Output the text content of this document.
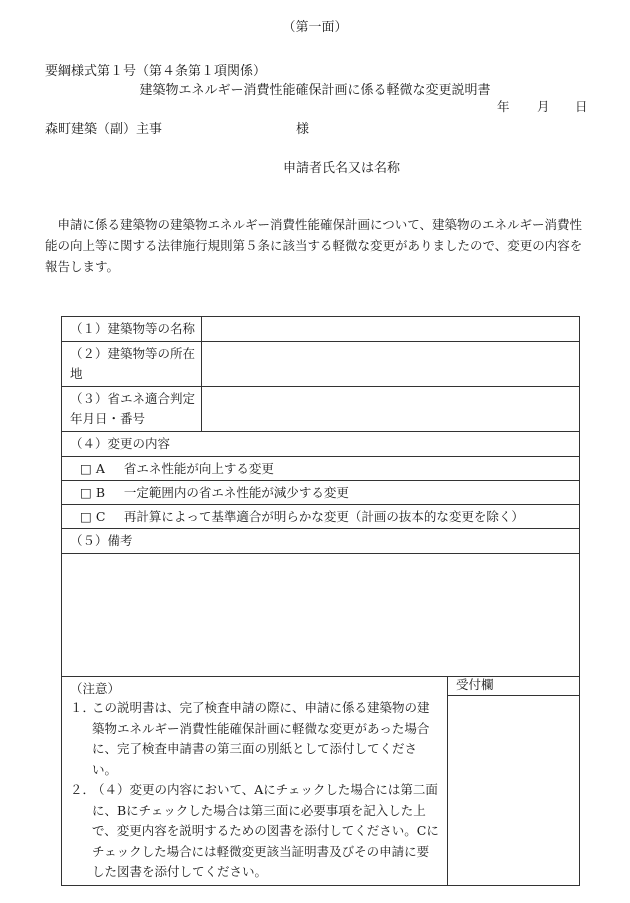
（第一面）
要綱様式第１号（第４条第１項関係）
建築物エネルギー消費性能確保計画に係る軽微な変更説明書
年 月 日
森町建築（副）主事	様
申請者氏名又は名称
申請に係る建築物の建築物エネルギー消費性能確保計画について、建築物のエネルギー消費性能の向上等に関する法律施行規則第５条に該当する軽微な変更がありましたので、変更の内容を報告します。
（１）建築物等の名称		
（２）建築物等の所在地		
（３）省エネ適合判定年月日・番号		
（４）変更の内容		
□ A 省エネ性能が向上する変更		
□ B 一定範囲内の省エネ性能が減少する変更		
□ C 再計算によって基準適合が明らかな変更（計画の抜本的な変更を除く）		
（５）備考		

（注意）
１．
この説明書は、完了検査申請の際に、申請に係る建築物の建築物エネルギー消費性能確保計画に軽微な変更があった場合に、完了検査申請書の第三面の別紙として添付してください。
２．
（４）変更の内容において、Aにチェックした場合には第二面に、Bにチェックした場合は第三面に必要事項を記入した上で、変更内容を説明するための図書を添付してください。Cにチェックした場合には軽微変更該当証明書及びその申請に要した図書を添付してください。		受付欄
